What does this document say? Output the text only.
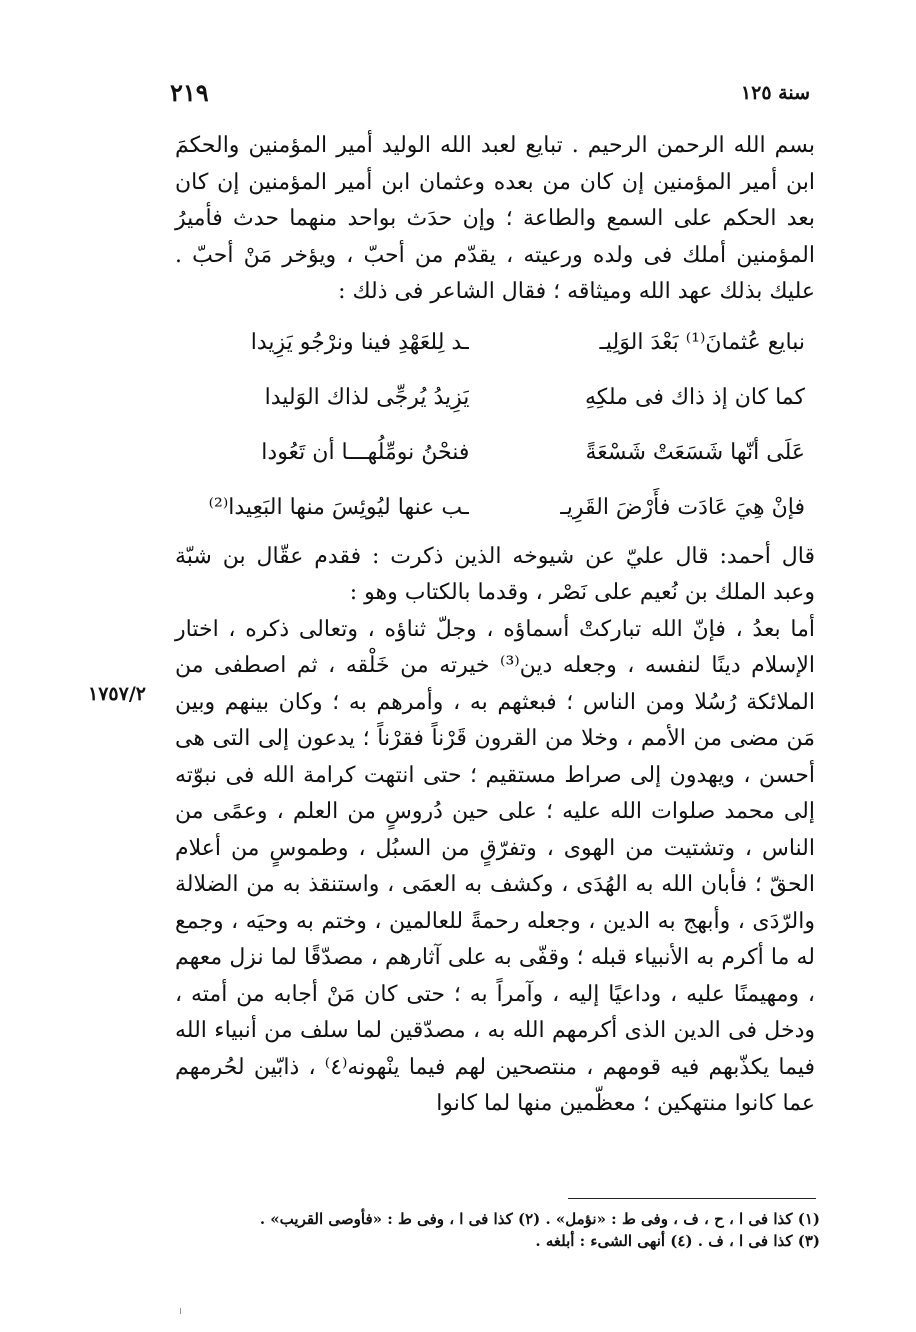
سنة ١٢٥
٢١٩
١٧٥٧/٢

بسم الله الرحمن الرحيم . تبايع لعبد الله الوليد أمير المؤمنين والحكمَ ابن أمير المؤمنين إن كان من بعده وعثمان ابن أمير المؤمنين إن كان بعد الحكم على السمع والطاعة ؛ وإن حدَث بواحد منهما حدث فأميرُ المؤمنين أملك فى ولده ورعيته ، يقدّم من أحبّ ، ويؤخر مَنْ أحبّ . عليك بذلك عهد الله وميثاقه ؛ فقال الشاعر فى ذلك :

نبايع عُثمانَ⁽¹⁾ بَعْدَ الوَلِيـ
ـد لِلعَهْدِ فينا ونرْجُو يَزِيدا
كما كان إذ ذاك فى ملكِهِ
يَزِيدُ يُرجِّى لذاك الوَليدا
عَلَى أنّها شَسَعَتْ شَسْعَةً
فنحْنُ نومِّلُهـــا أن تَعُودا
فإنْ هِيَ عَادَت فأَرْضَ القَرِيـ
ـب عنها ليُوئِسَ منها البَعِيدا⁽²⁾

قال أحمد: قال عليّ عن شيوخه الذين ذكرت : فقدم عقّال بن شبّة وعبد الملك بن نُعيم على نَصْر ، وقدما بالكتاب وهو :

أما بعدُ ، فإنّ الله تباركتْ أسماؤه ، وجلّ ثناؤه ، وتعالى ذكره ، اختار الإسلام دينًا لنفسه ، وجعله دين⁽³⁾ خيرته من خَلْقه ، ثم اصطفى من الملائكة رُسُلا ومن الناس ؛ فبعثهم به ، وأمرهم به ؛ وكان بينهم وبين مَن مضى من الأمم ، وخلا من القرون قَرْناً فقرْناً ؛ يدعون إلى التى هى أحسن ، ويهدون إلى صراط مستقيم ؛ حتى انتهت كرامة الله فى نبوّته إلى محمد صلوات الله عليه ؛ على حين دُروسٍ من العلم ، وعمًى من الناس ، وتشتيت من الهوى ، وتفرّقٍ من السبُل ، وطموسٍ من أعلام الحقّ ؛ فأبان الله به الهُدَى ، وكشف به العمَى ، واستنقذ به من الضلالة والرّدَى ، وأبهج به الدين ، وجعله رحمةً للعالمين ، وختم به وحيَه ، وجمع له ما أكرم به الأنبياء قبله ؛ وقفّى به على آثارهم ، مصدّقًا لما نزل معهم ، ومهيمنًا عليه ، وداعيًا إليه ، وآمراً به ؛ حتى كان مَنْ أجابه من أمته ، ودخل فى الدين الذى أكرمهم الله به ، مصدّقين لما سلف من أنبياء الله فيما يكذّبهم فيه قومهم ، منتصحين لهم فيما ينْهونه⁽٤⁾ ، ذابّين لحُرمهم عما كانوا منتهكين ؛ معظّمين منها لما كانوا

(١) كذا فى ا ، ح ، ف ، وفى ط : «نؤمل» . (٢) كذا فى ا ، وفى ط : «فأوصى القريب» .
(٣) كذا فى ا ، ف . (٤) أنهى الشىء : أبلغه .
